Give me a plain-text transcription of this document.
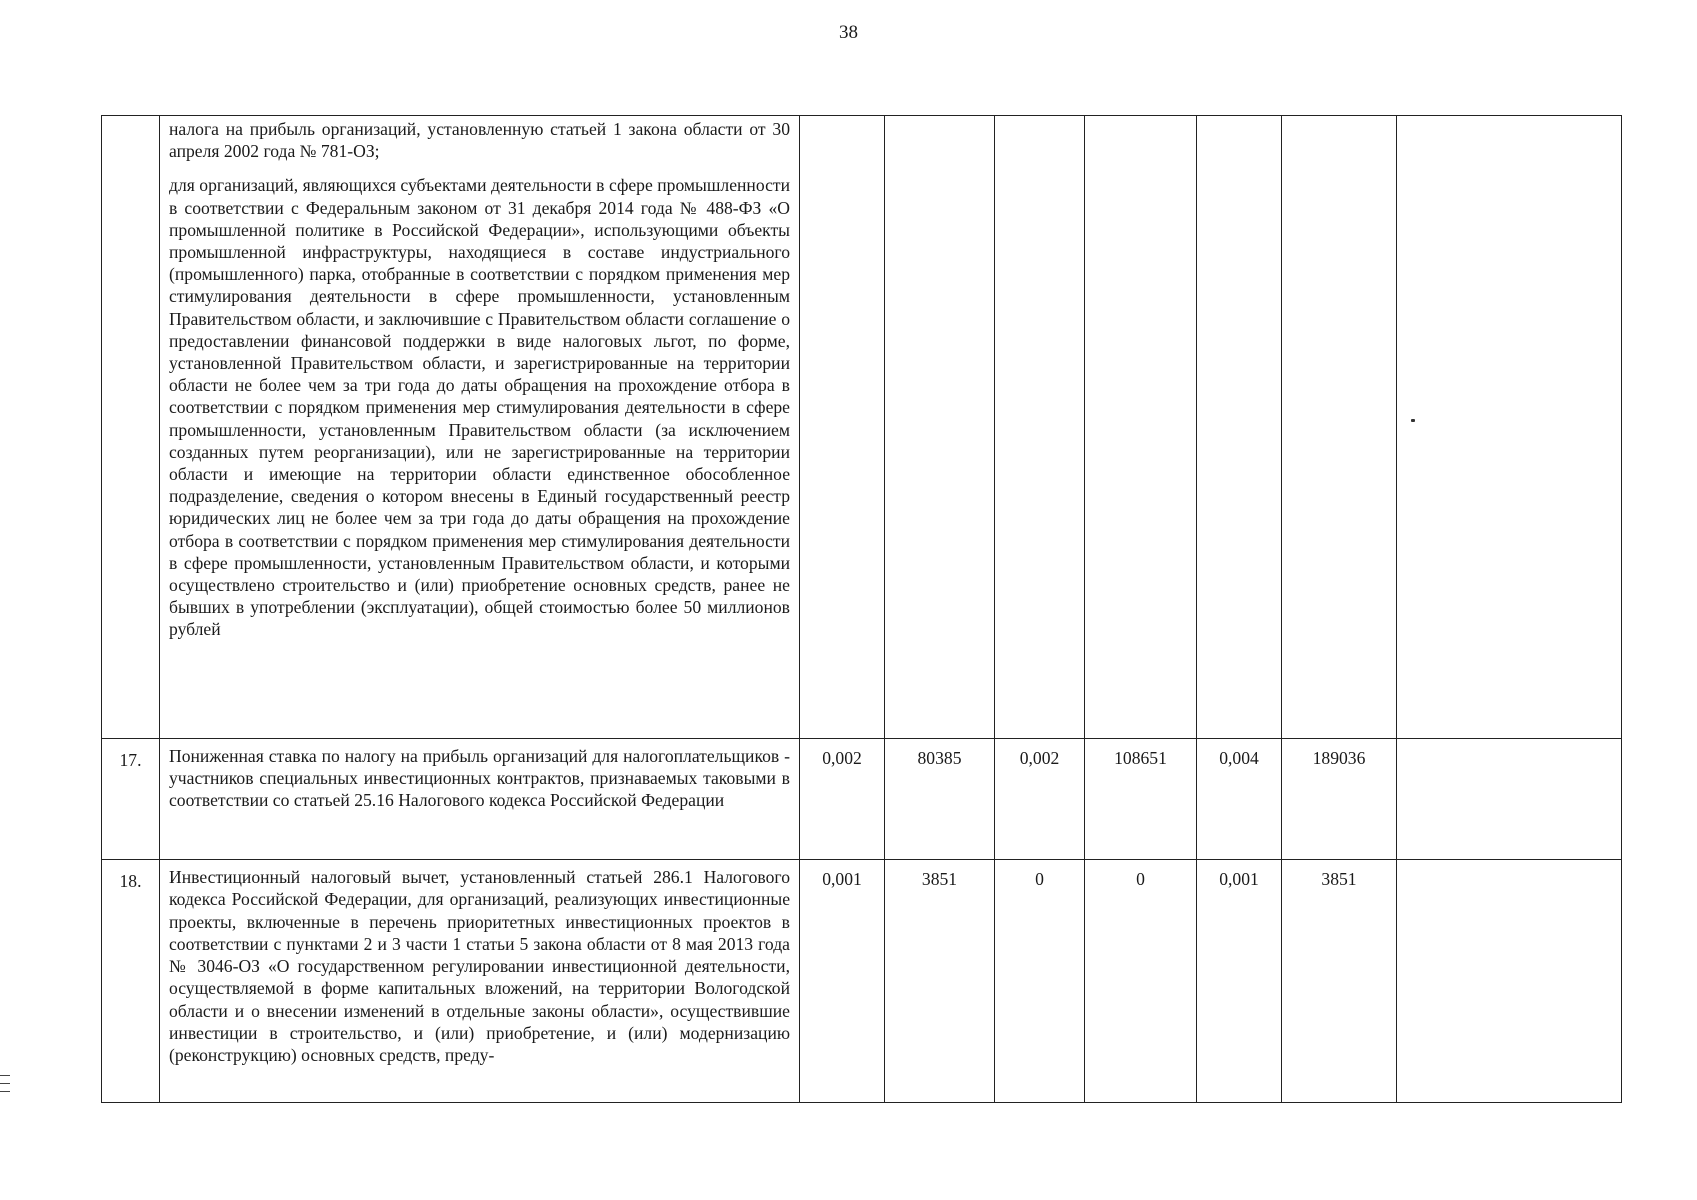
38

	налога на прибыль организаций, установленную статьей 1 закона области от 30 апреля 2002 года № 781-ОЗ;

для организаций, являющихся субъектами деятельности в сфере промышленности в соответствии с Федеральным законом от 31 декабря 2014 года № 488-ФЗ «О промышленной политике в Российской Федерации», использующими объекты промышленной инфраструктуры, находящиеся в составе индустриального (промышленного) парка, отобранные в соответствии с порядком применения мер стимулирования деятельности в сфере промышленности, установленным Правительством области, и заключившие с Правительством области соглашение о предоставлении финансовой поддержки в виде налоговых льгот, по форме, установленной Правительством области, и зарегистрированные на территории области не более чем за три года до даты обращения на прохождение отбора в соответствии с порядком применения мер стимулирования деятельности в сфере промышленности, установленным Правительством области (за исключением созданных путем реорганизации), или не зарегистрированные на территории области и имеющие на территории области единственное обособленное подразделение, сведения о котором внесены в Единый государственный реестр юридических лиц не более чем за три года до даты обращения на прохождение отбора в соответствии с порядком применения мер стимулирования деятельности в сфере промышленности, установленным Правительством области, и которыми осуществлено строительство и (или) приобретение основных средств, ранее не бывших в употреблении (эксплуатации), общей стоимостью более 50 миллионов рублей							

17.	Пониженная ставка по налогу на прибыль организаций для налогоплательщиков - участников специальных инвестиционных контрактов, признаваемых таковыми в соответствии со статьей 25.16 Налогового кодекса Российской Федерации	0,002	80385	0,002	108651	0,004	189036	
18.	Инвестиционный налоговый вычет, установленный статьей 286.1 Налогового кодекса Российской Федерации, для организаций, реализующих инвестиционные проекты, включенные в перечень приоритетных инвестиционных проектов в соответствии с пунктами 2 и 3 части 1 статьи 5 закона области от 8 мая 2013 года № 3046-ОЗ «О государственном регулировании инвестиционной деятельности, осуществляемой в форме капитальных вложений, на территории Вологодской области и о внесении изменений в отдельные законы области», осуществившие инвестиции в строительство, и (или) приобретение, и (или) модернизацию (реконструкцию) основных средств, преду-	0,001	3851	0	0	0,001	3851	
